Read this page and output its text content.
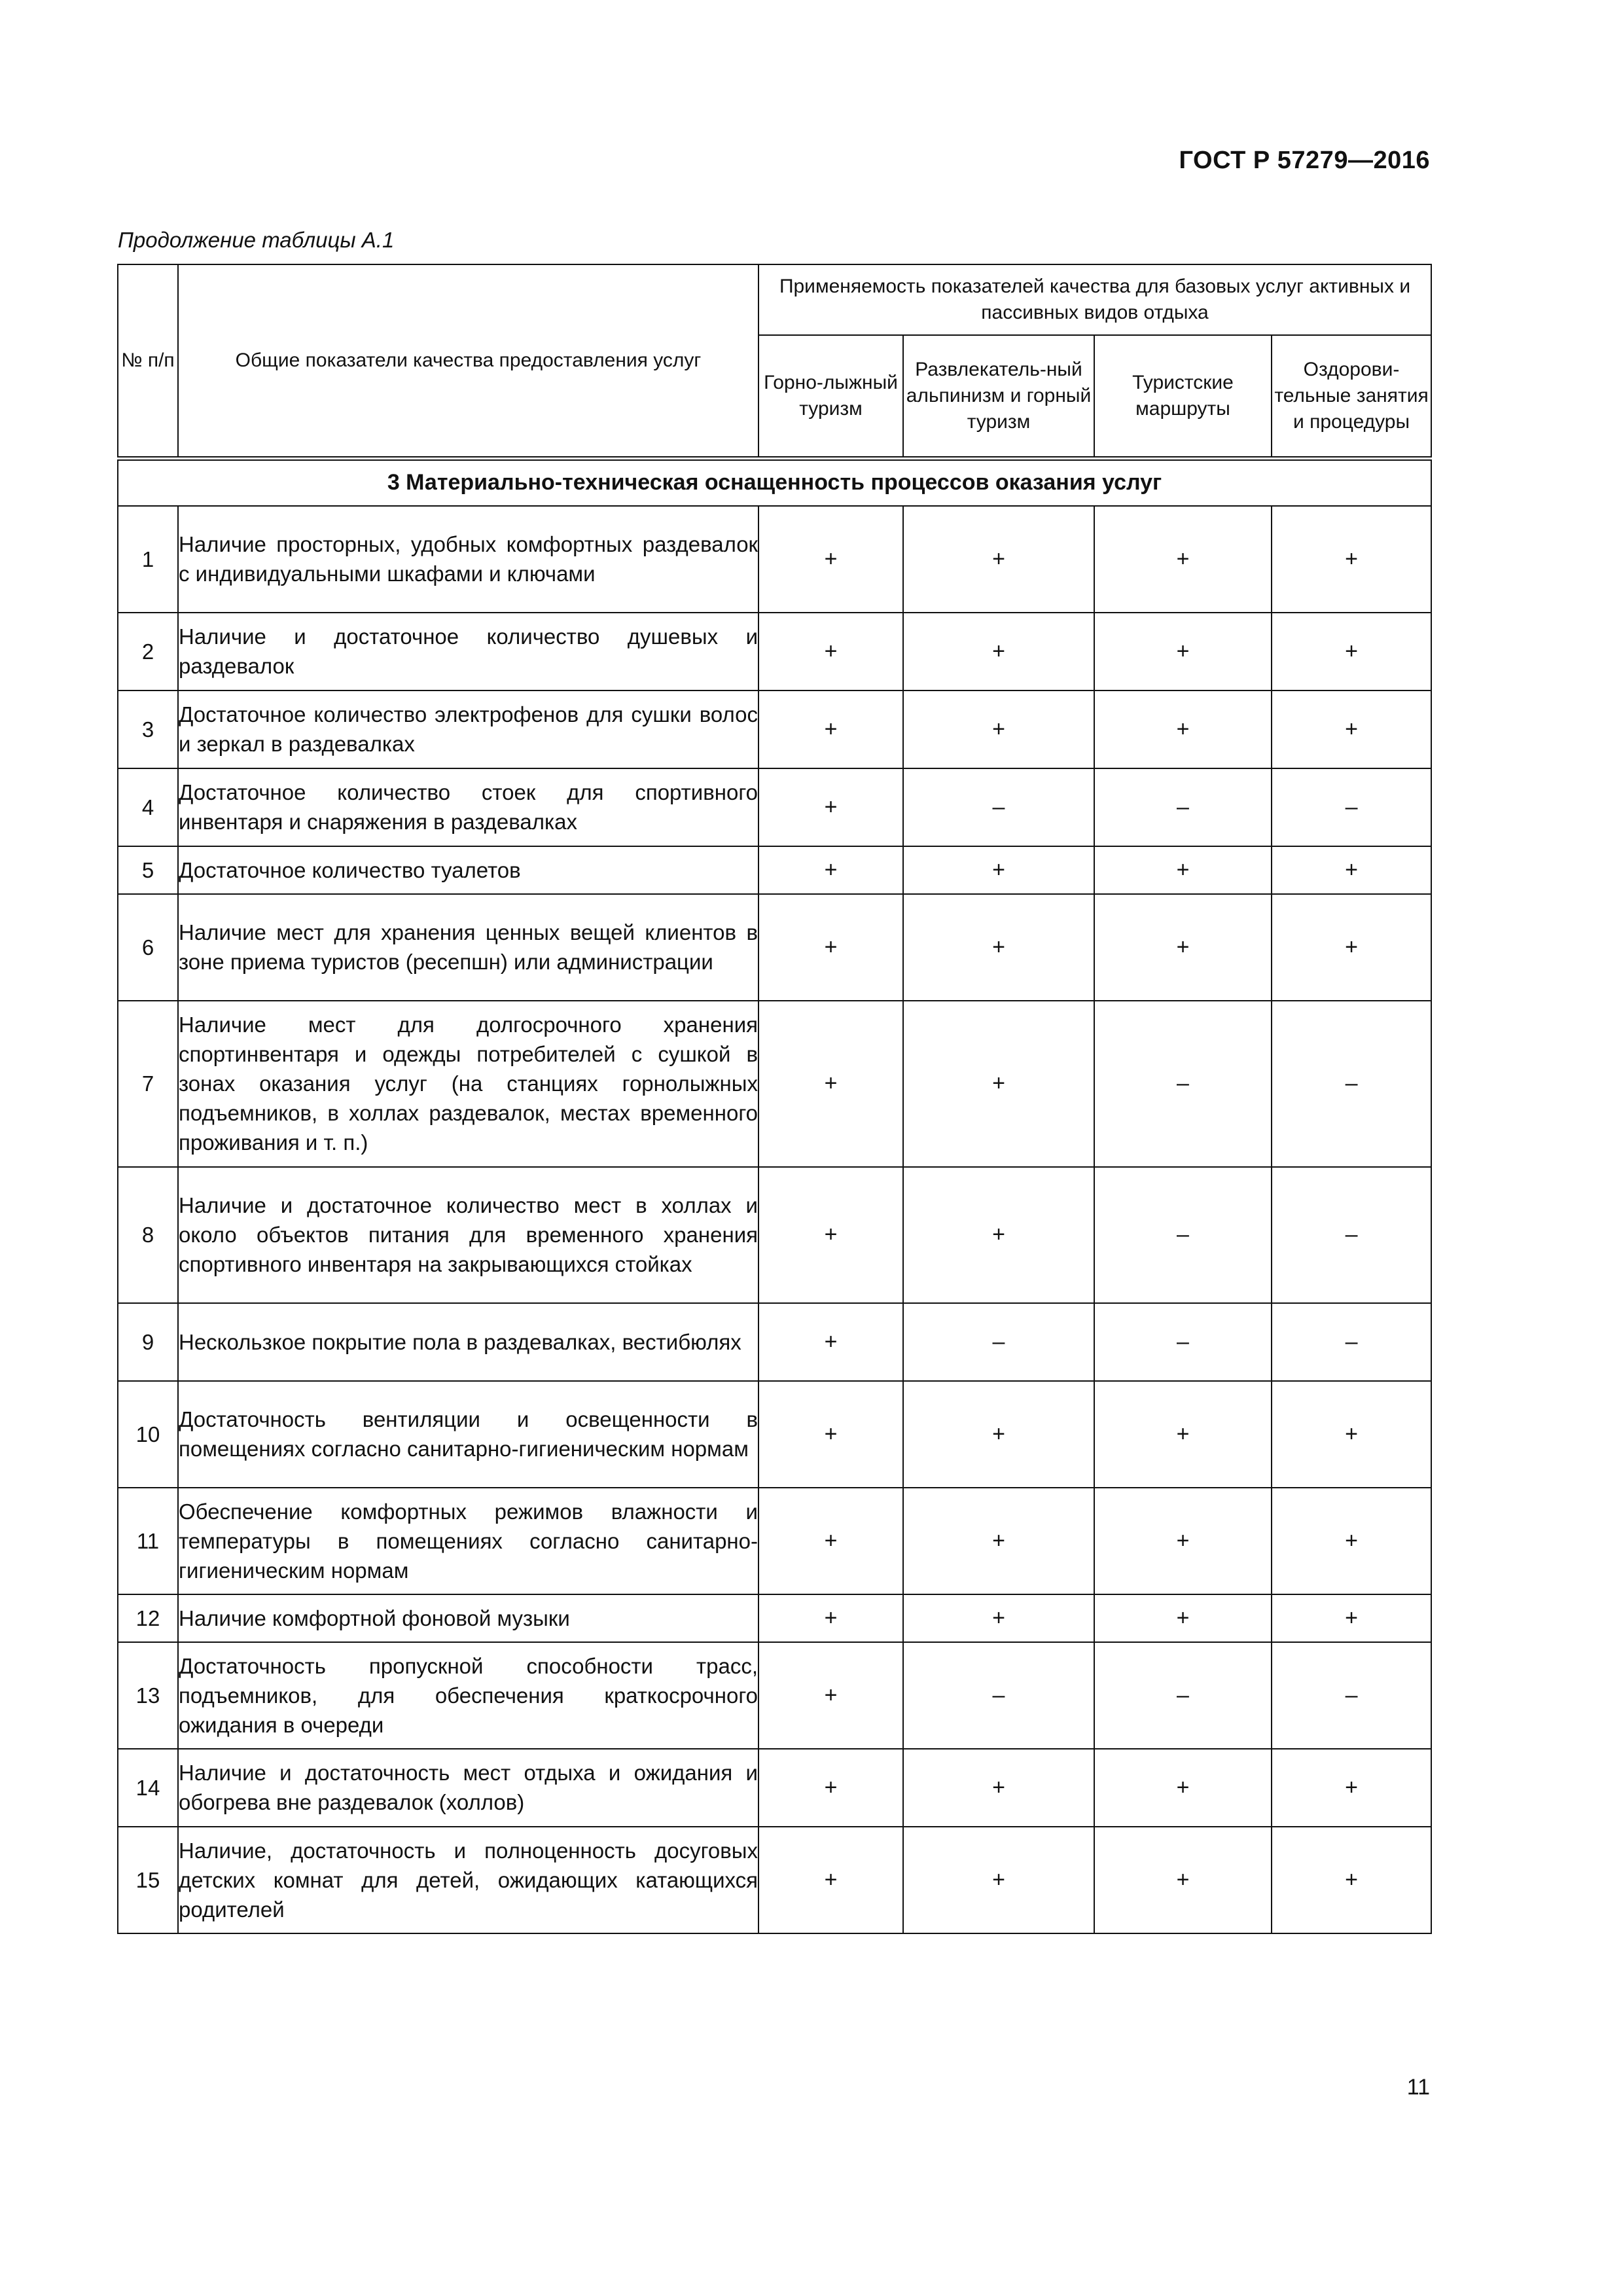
ГОСТ Р 57279—2016
Продолжение таблицы А.1
№ п/п	Общие показатели качества предоставления услуг	Применяемость показателей качества для базовых услуг активных и пассивных видов отдыха			
		Горно-лыжный туризм	Развлекатель-ный альпинизм и горный туризм	Туристские маршруты	Оздорови-тельные занятия и процедуры
3 Материально-техническая оснащенность процессов оказания услуг					
1	Наличие просторных, удобных комфортных раздевалок с индивидуальными шкафами и ключами	+	+	+	+
2	Наличие и достаточное количество душевых и раздевалок	+	+	+	+
3	Достаточное количество электрофенов для сушки волос и зеркал в раздевалках	+	+	+	+
4	Достаточное количество стоек для спортивного инвентаря и снаряжения в раздевалках	+	–	–	–
5	Достаточное количество туалетов	+	+	+	+
6	Наличие мест для хранения ценных вещей клиентов в зоне приема туристов (ресепшн) или администрации	+	+	+	+
7	Наличие мест для долгосрочного хранения спортинвентаря и одежды потребителей с сушкой в зонах оказания услуг (на станциях горнолыжных подъемников, в холлах раздевалок, местах временного проживания и т. п.)	+	+	–	–
8	Наличие и достаточное количество мест в холлах и около объектов питания для временного хранения спортивного инвентаря на закрывающихся стойках	+	+	–	–
9	Нескользкое покрытие пола в раздевалках, вестибюлях	+	–	–	–
10	Достаточность вентиляции и освещенности в помещениях согласно санитарно-гигиеническим нормам	+	+	+	+
11	Обеспечение комфортных режимов влажности и температуры в помещениях согласно санитарно-гигиеническим нормам	+	+	+	+
12	Наличие комфортной фоновой музыки	+	+	+	+
13	Достаточность пропускной способности трасс, подъемников, для обеспечения краткосрочного ожидания в очереди	+	–	–	–
14	Наличие и достаточность мест отдыха и ожидания и обогрева вне раздевалок (холлов)	+	+	+	+
15	Наличие, достаточность и полноценность досуговых детских комнат для детей, ожидающих катающихся родителей	+	+	+	+
11
